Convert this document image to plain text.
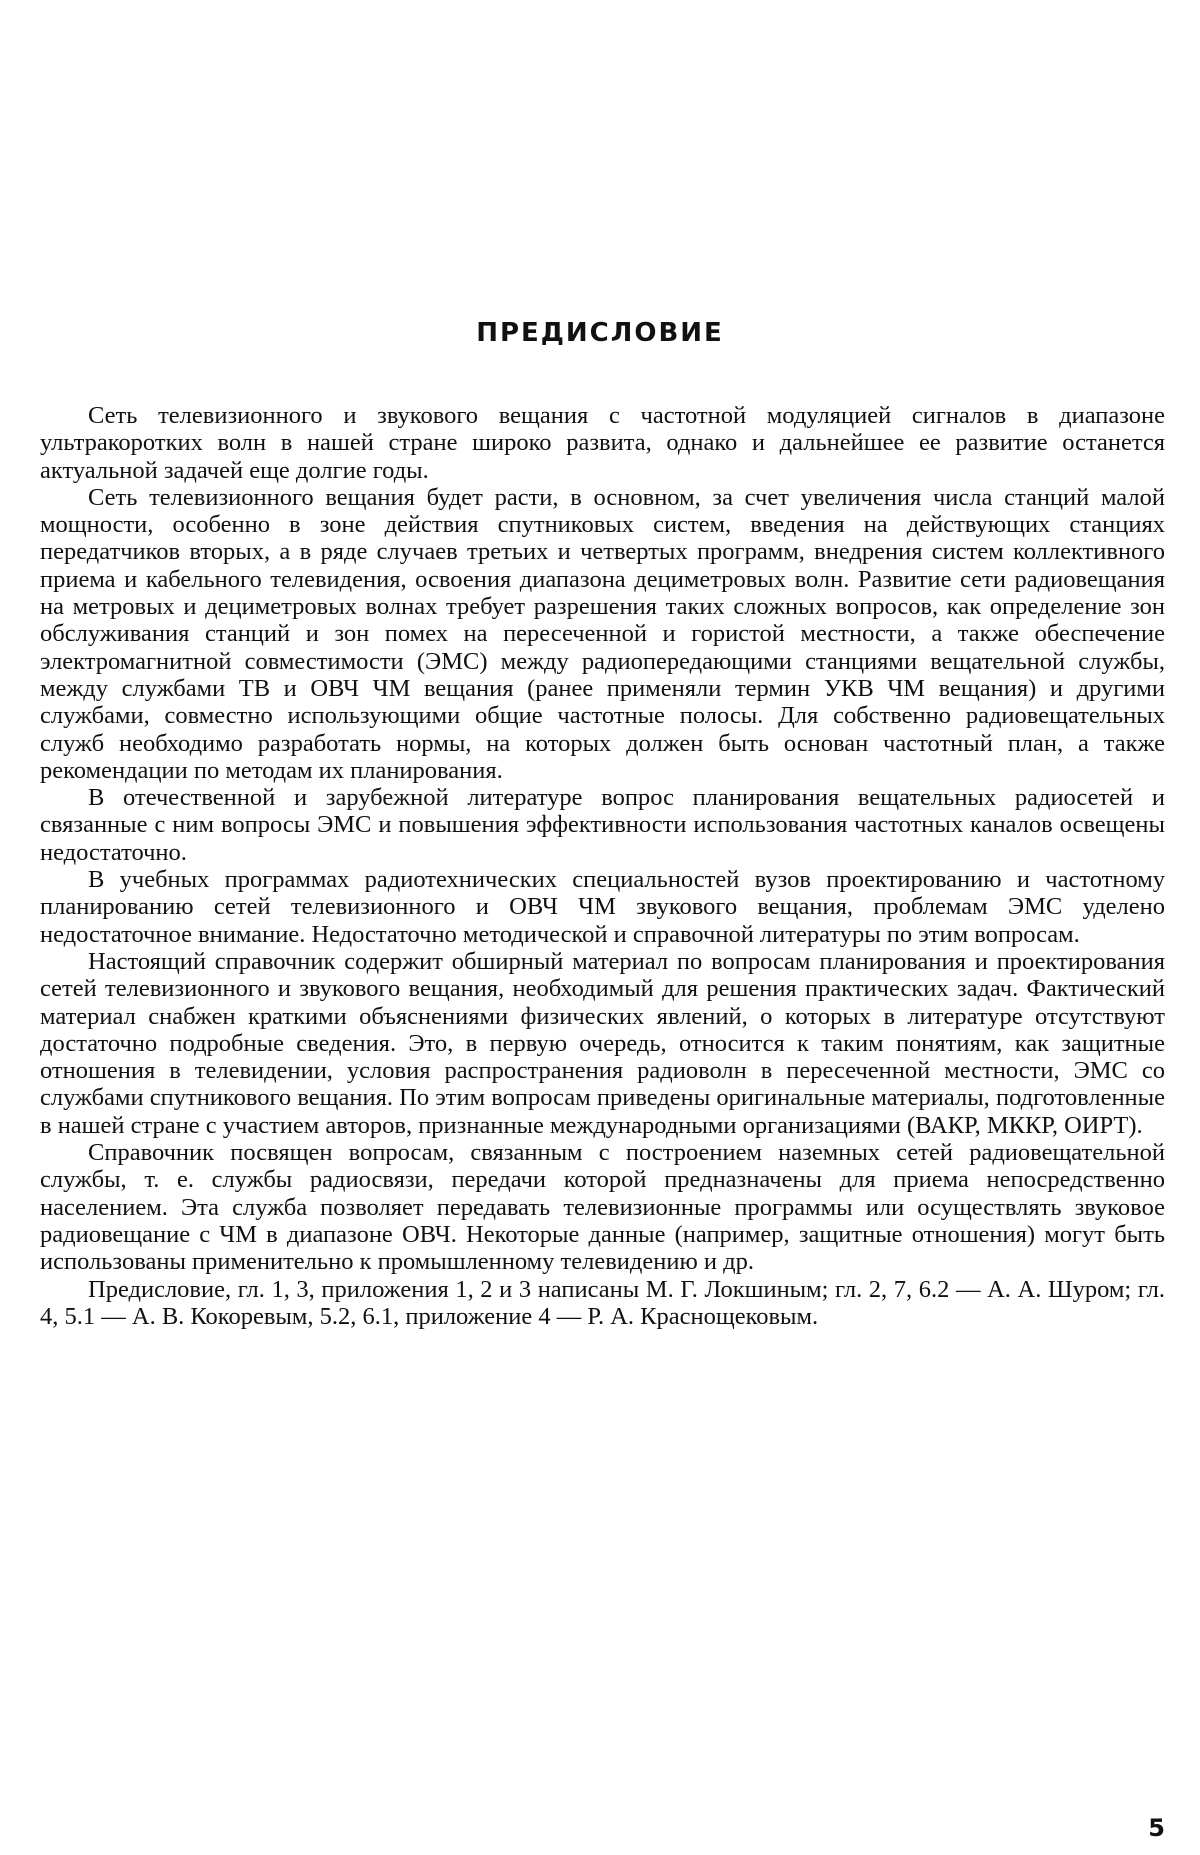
ПРЕДИСЛОВИЕ

Сеть телевизионного и звукового вещания с частотной модуляцией сигналов в диапазоне ультракоротких волн в нашей стране широко развита, однако и дальнейшее ее развитие останется актуальной задачей еще долгие годы.

Сеть телевизионного вещания будет расти, в основном, за счет увеличения числа станций малой мощности, особенно в зоне действия спутниковых систем, введения на действующих станциях передатчиков вторых, а в ряде случаев третьих и четвертых программ, внедрения систем коллективного приема и кабельного телевидения, освоения диапазона дециметровых волн. Развитие сети радиовещания на метровых и дециметровых волнах требует разрешения таких сложных вопросов, как определение зон обслуживания станций и зон помех на пересеченной и гористой местности, а также обеспечение электромагнитной совместимости (ЭМС) между радиопередающими станциями вещательной службы, между службами ТВ и ОВЧ ЧМ вещания (ранее применяли термин УКВ ЧМ вещания) и другими службами, совместно использующими общие частотные полосы. Для собственно радиовещательных служб необходимо разработать нормы, на которых должен быть основан частотный план, а также рекомендации по методам их планирования.

В отечественной и зарубежной литературе вопрос планирования вещательных радиосетей и связанные с ним вопросы ЭМС и повышения эффективности использования частотных каналов освещены недостаточно.

В учебных программах радиотехнических специальностей вузов проектированию и частотному планированию сетей телевизионного и ОВЧ ЧМ звукового вещания, проблемам ЭМС уделено недостаточное внимание. Недостаточно методической и справочной литературы по этим вопросам.

Настоящий справочник содержит обширный материал по вопросам планирования и проектирования сетей телевизионного и звукового вещания, необходимый для решения практических задач. Фактический материал снабжен краткими объяснениями физических явлений, о которых в литературе отсутствуют достаточно подробные сведения. Это, в первую очередь, относится к таким понятиям, как защитные отношения в телевидении, условия распространения радиоволн в пересеченной местности, ЭМС со службами спутникового вещания. По этим вопросам приведены оригинальные материалы, подготовленные в нашей стране с участием авторов, признанные международными организациями (ВАКР, МККР, ОИРТ).

Справочник посвящен вопросам, связанным с построением наземных сетей радиовещательной службы, т. е. службы радиосвязи, передачи которой предназначены для приема непосредственно населением. Эта служба позволяет передавать телевизионные программы или осуществлять звуковое радиовещание с ЧМ в диапазоне ОВЧ. Некоторые данные (например, защитные отношения) могут быть использованы применительно к промышленному телевидению и др.

Предисловие, гл. 1, 3, приложения 1, 2 и 3 написаны М. Г. Локшиным; гл. 2, 7, 6.2 — А. А. Шуром; гл. 4, 5.1 — А. В. Кокоревым, 5.2, 6.1, приложение 4 — Р. А. Краснощековым.

5
